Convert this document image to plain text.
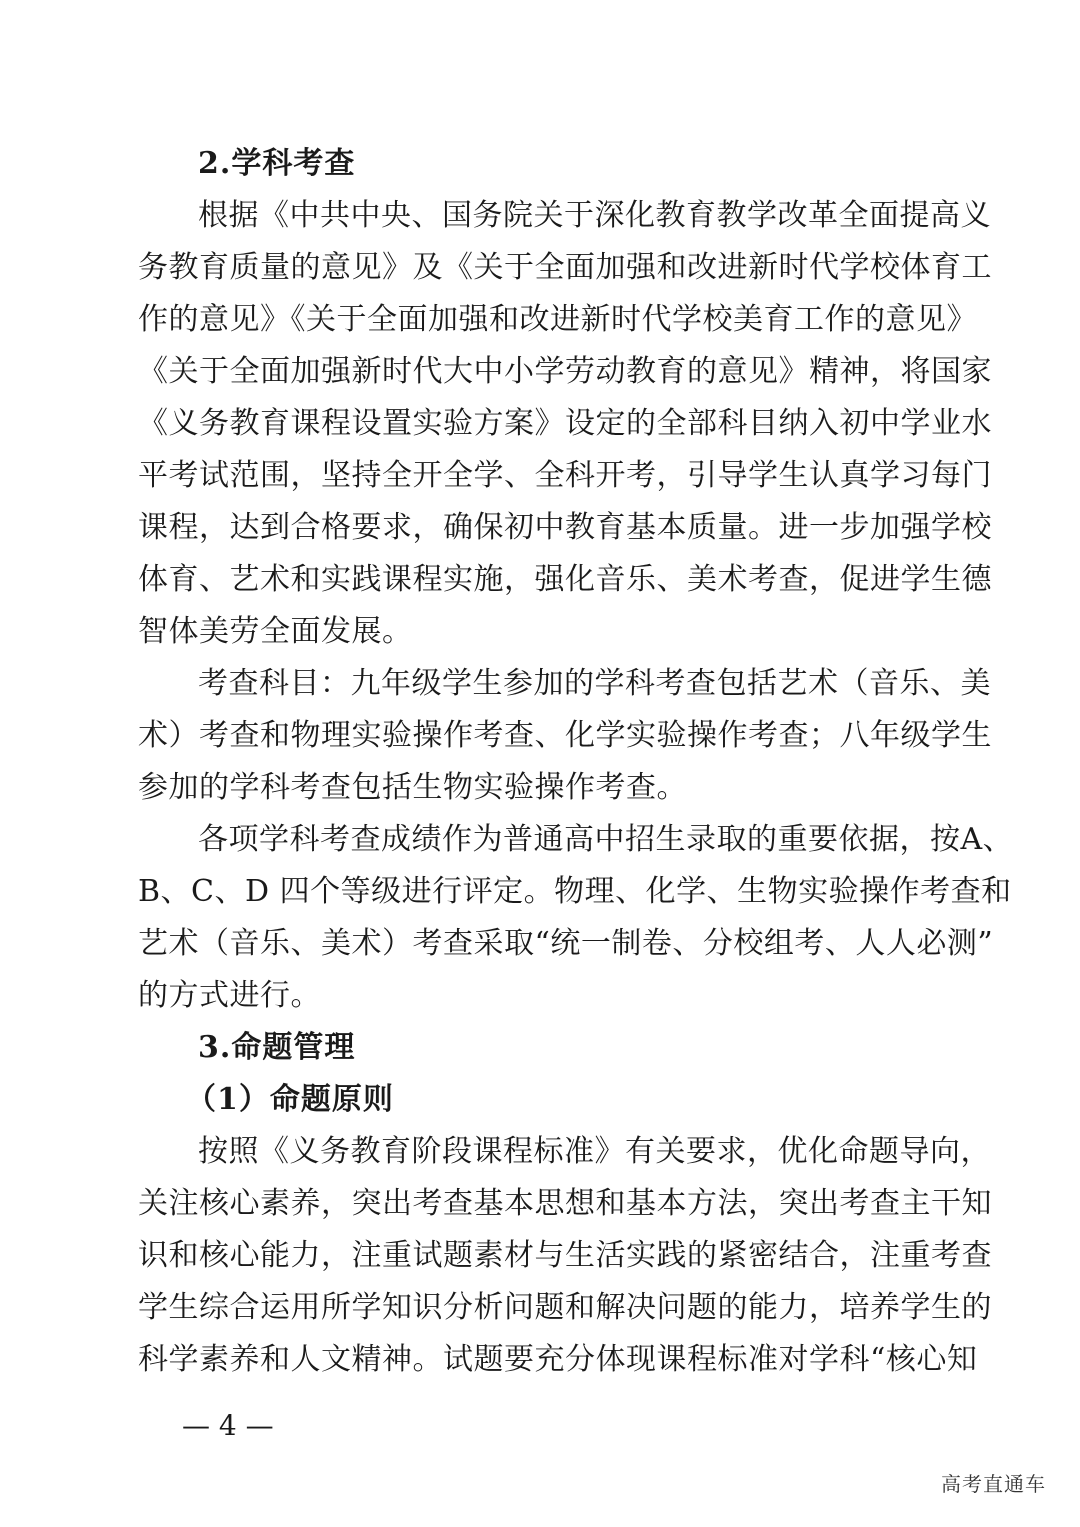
2.学科考查
根据《中共中央、国务院关于深化教育教学改革全面提高义
务教育质量的意见》及《关于全面加强和改进新时代学校体育工
作的意见》《关于全面加强和改进新时代学校美育工作的意见》
《关于全面加强新时代大中小学劳动教育的意见》精神，将国家
《义务教育课程设置实验方案》设定的全部科目纳入初中学业水
平考试范围，坚持全开全学、全科开考，引导学生认真学习每门
课程，达到合格要求，确保初中教育基本质量。进一步加强学校
体育、艺术和实践课程实施，强化音乐、美术考查，促进学生德
智体美劳全面发展。
考查科目：九年级学生参加的学科考查包括艺术（音乐、美
术）考查和物理实验操作考查、化学实验操作考查；八年级学生
参加的学科考查包括生物实验操作考查。
各项学科考查成绩作为普通高中招生录取的重要依据，按A、
B、C、D 四个等级进行评定。物理、化学、生物实验操作考查和
艺术（音乐、美术）考查采取“统一制卷、分校组考、人人必测”
的方式进行。
3.命题管理
（1）命题原则
按照《义务教育阶段课程标准》有关要求，优化命题导向，
关注核心素养，突出考查基本思想和基本方法，突出考查主干知
识和核心能力，注重试题素材与生活实践的紧密结合，注重考查
学生综合运用所学知识分析问题和解决问题的能力，培养学生的
科学素养和人文精神。试题要充分体现课程标准对学科“核心知
— 4 —
高考直通车
